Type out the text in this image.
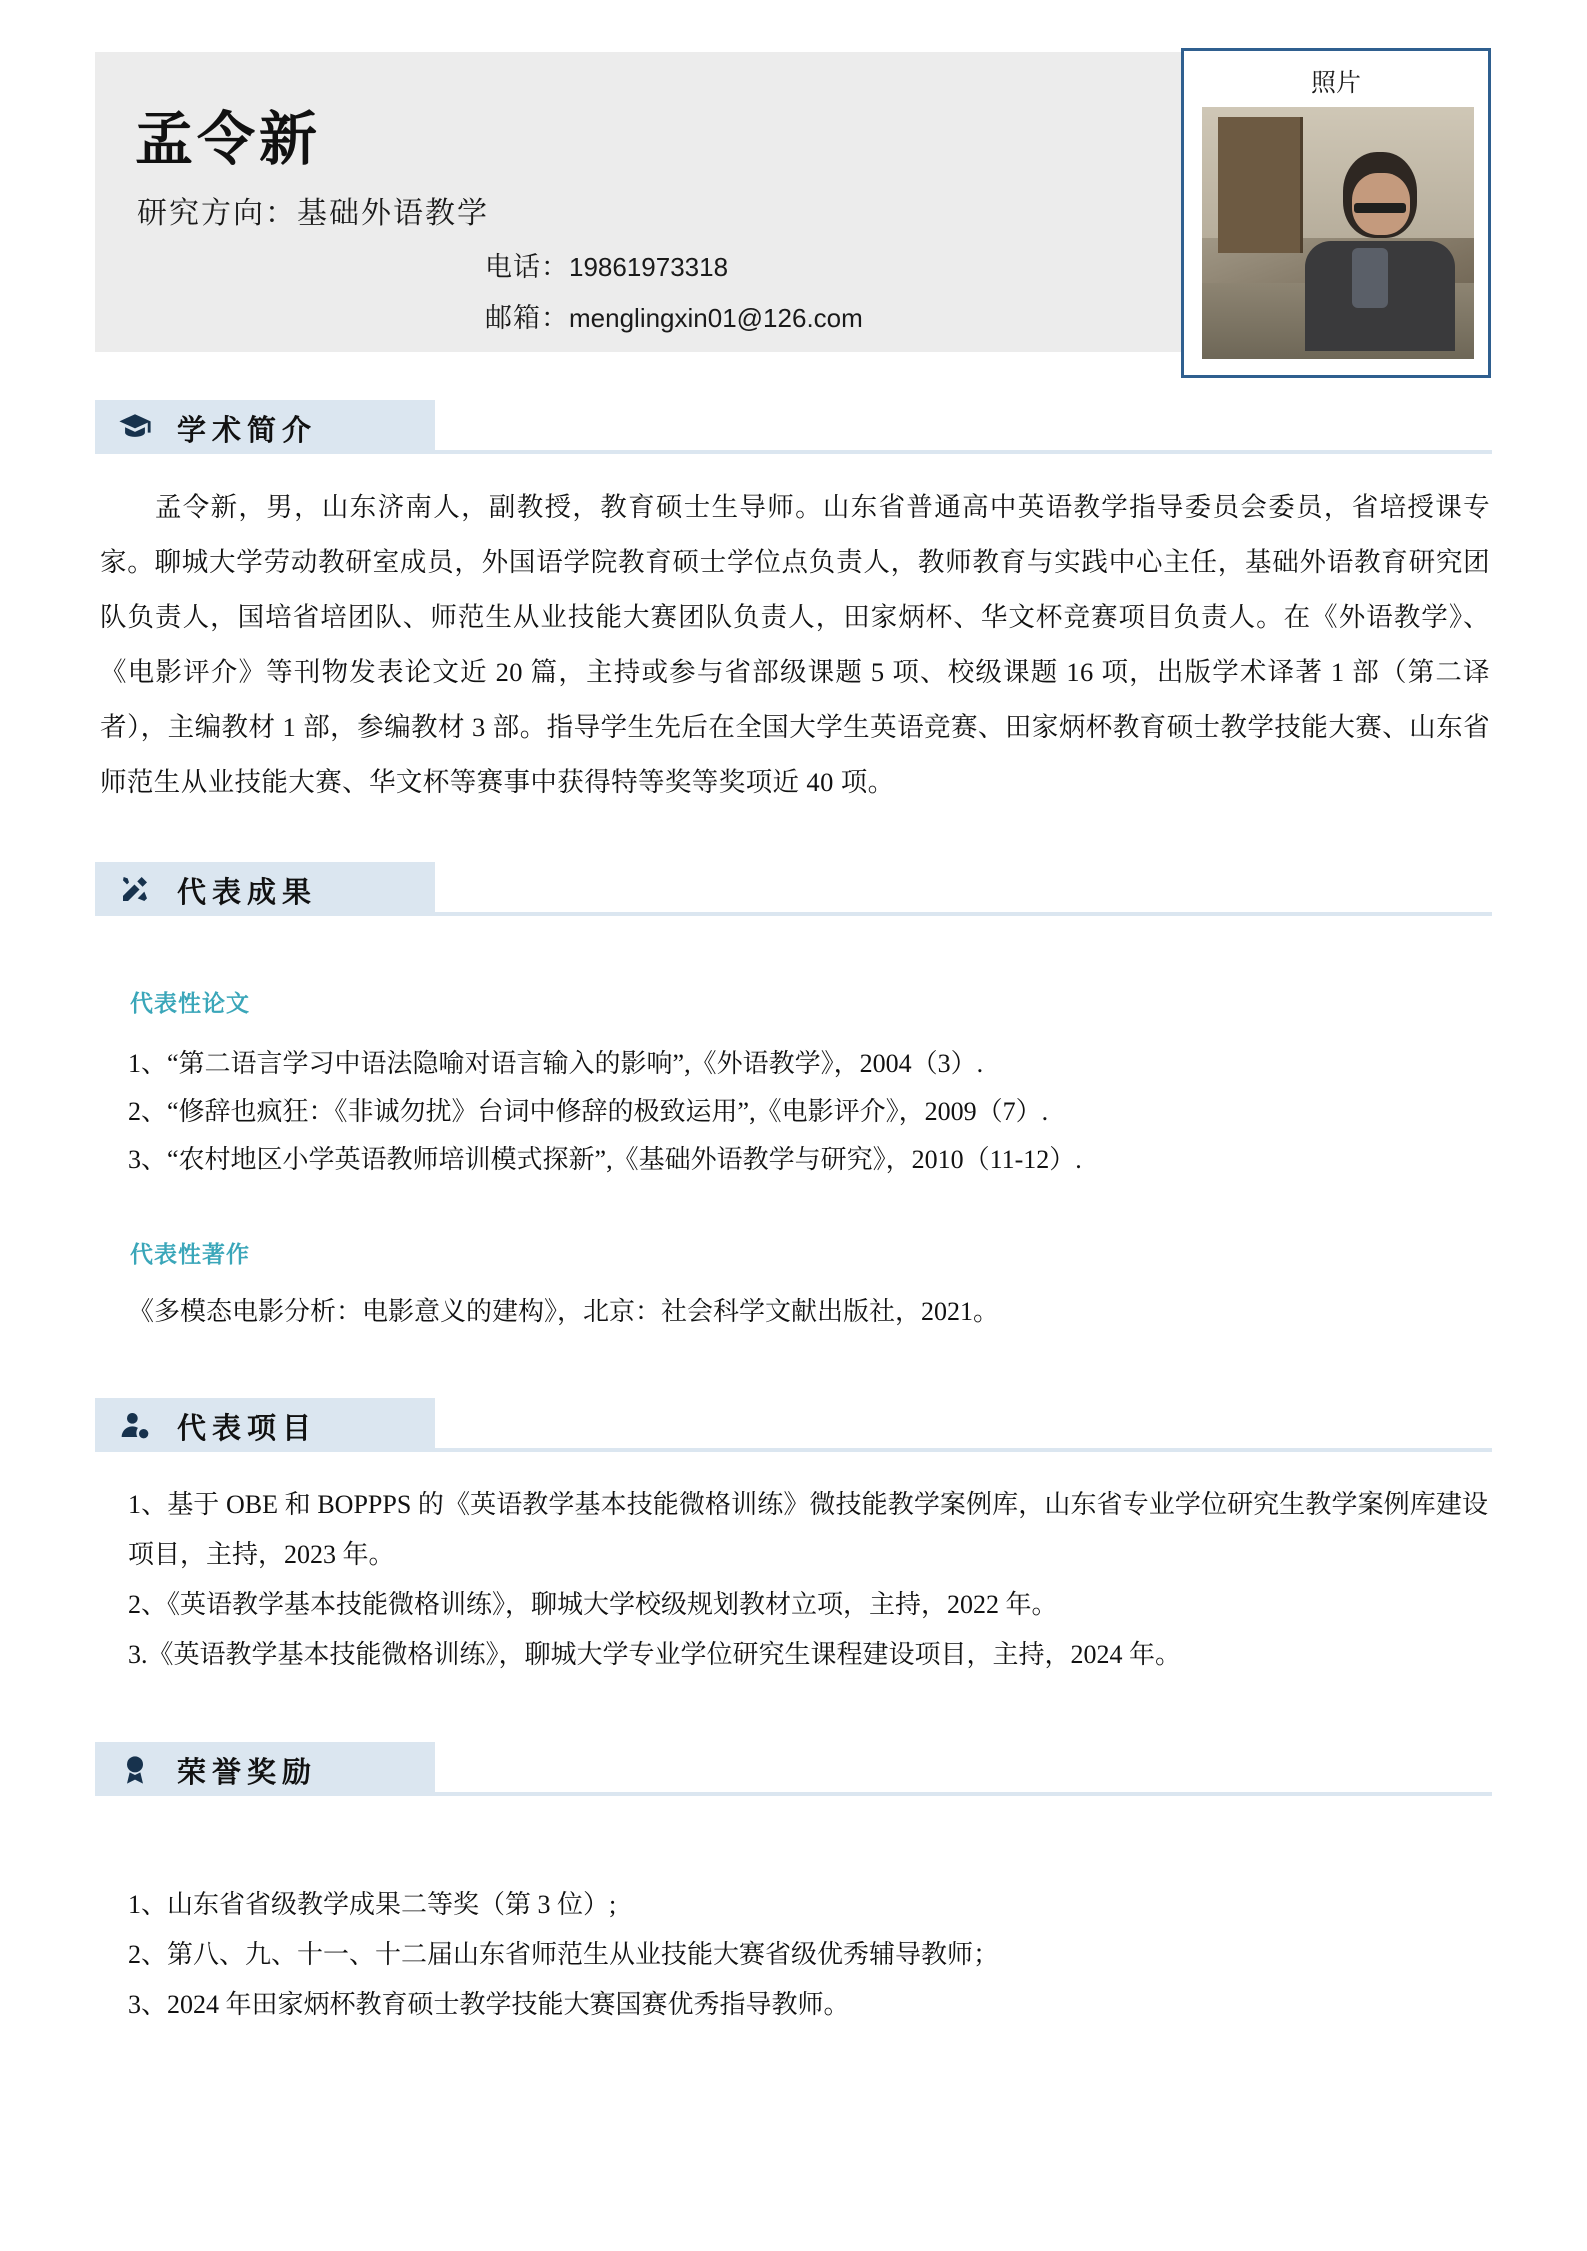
孟令新
研究方向：基础外语教学
电话：19861973318
邮箱：menglingxin01@126.com
照片
学术简介
孟令新，男，山东济南人，副教授，教育硕士生导师。山东省普通高中英语教学指导委员会委员，省培授课专家。聊城大学劳动教研室成员，外国语学院教育硕士学位点负责人，教师教育与实践中心主任，基础外语教育研究团队负责人，国培省培团队、师范生从业技能大赛团队负责人，田家炳杯、华文杯竞赛项目负责人。在《外语教学》、《电影评介》等刊物发表论文近 20 篇，主持或参与省部级课题 5 项、校级课题 16 项，出版学术译著 1 部（第二译者），主编教材 1 部，参编教材 3 部。指导学生先后在全国大学生英语竞赛、田家炳杯教育硕士教学技能大赛、山东省师范生从业技能大赛、华文杯等赛事中获得特等奖等奖项近 40 项。
代表成果
代表性论文
1、“第二语言学习中语法隐喻对语言输入的影响”,《外语教学》，2004（3）.
2、“修辞也疯狂：《非诚勿扰》台词中修辞的极致运用”,《电影评介》，2009（7）.
3、“农村地区小学英语教师培训模式探新”,《基础外语教学与研究》，2010（11-12）.
代表性著作
《多模态电影分析：电影意义的建构》，北京：社会科学文献出版社，2021。
代表项目
1、基于 OBE 和 BOPPPS 的《英语教学基本技能微格训练》微技能教学案例库，山东省专业学位研究生教学案例库建设项目，主持，2023 年。
2、《英语教学基本技能微格训练》，聊城大学校级规划教材立项，主持，2022 年。
3.《英语教学基本技能微格训练》，聊城大学专业学位研究生课程建设项目，主持，2024 年。
荣誉奖励
1、山东省省级教学成果二等奖（第 3 位）;
2、第八、九、十一、十二届山东省师范生从业技能大赛省级优秀辅导教师；
3、2024 年田家炳杯教育硕士教学技能大赛国赛优秀指导教师。
